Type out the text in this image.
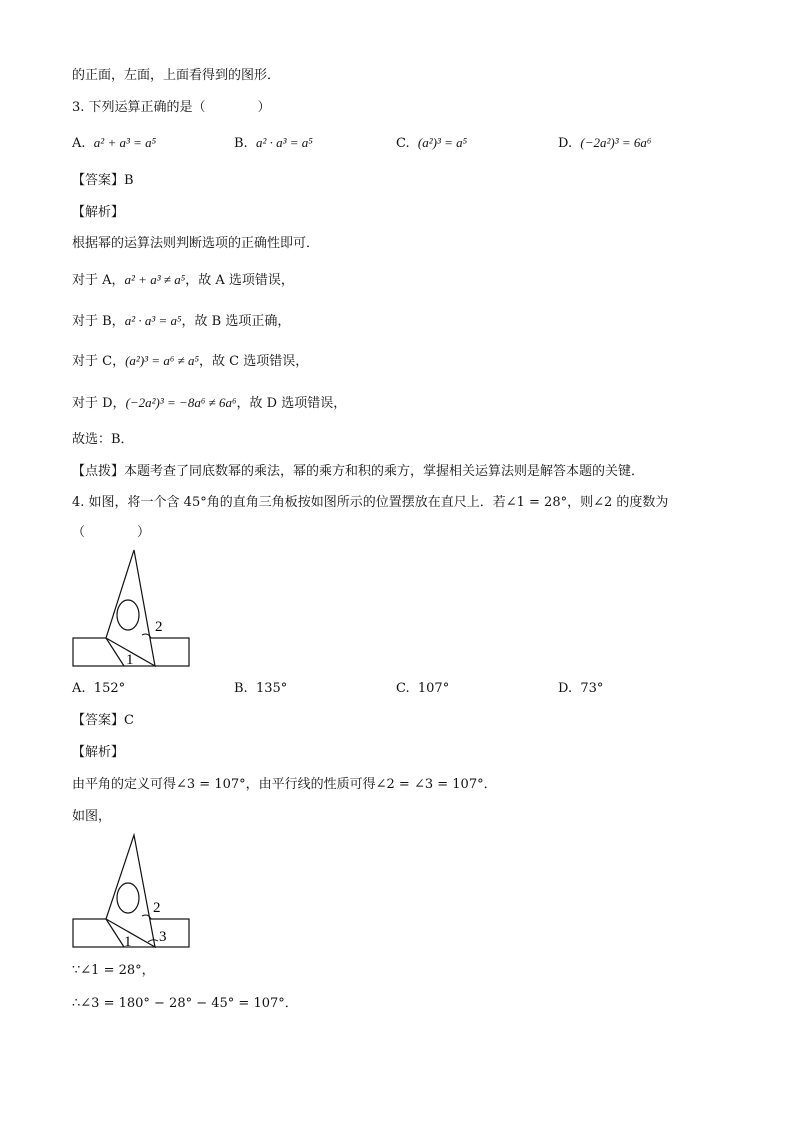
的正面，左面，上面看得到的图形．
3. 下列运算正确的是（　　　　）
A. a² + a³ = a⁵	B. a² · a³ = a⁵	C. (a²)³ = a⁵	D. (−2a²)³ = 6a⁶
【答案】B
【解析】
根据幂的运算法则判断选项的正确性即可．
对于 A，a² + a³ ≠ a⁵，故 A 选项错误，
对于 B，a² · a³ = a⁵，故 B 选项正确，
对于 C，(a²)³ = a⁶ ≠ a⁵，故 C 选项错误，
对于 D，(−2a²)³ = −8a⁶ ≠ 6a⁶，故 D 选项错误，
故选：B．
【点拨】本题考查了同底数幂的乘法，幂的乘方和积的乘方，掌握相关运算法则是解答本题的关键．
4. 如图，将一个含 45°角的直角三角板按如图所示的位置摆放在直尺上．若∠1 = 28°，则∠2 的度数为
（　　　　）
2
1
A. 152°	B. 135°	C. 107°	D. 73°
【答案】C
【解析】
由平角的定义可得∠3 = 107°，由平行线的性质可得∠2 = ∠3 = 107°．
如图，
2
1 3
∵∠1 = 28°，
∴∠3 = 180° − 28° − 45° = 107°．
